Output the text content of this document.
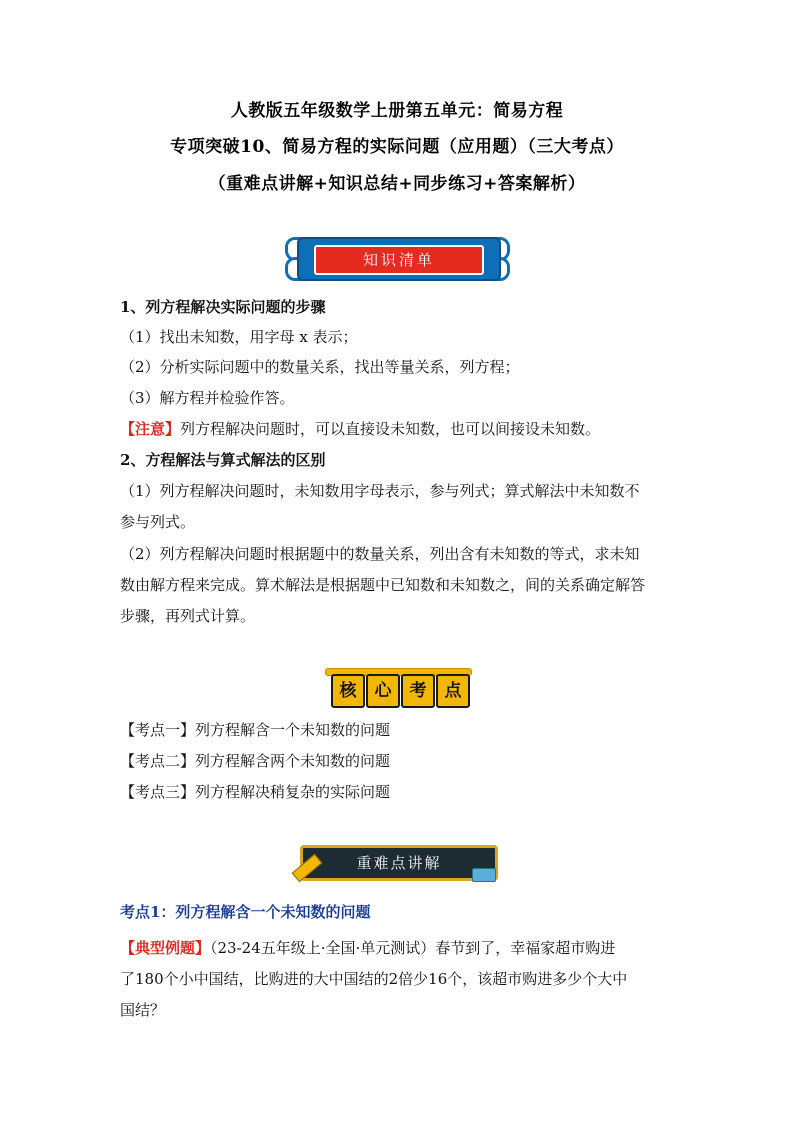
人教版五年级数学上册第五单元：简易方程
专项突破10、简易方程的实际问题（应用题）（三大考点）
（重难点讲解+知识总结+同步练习+答案解析）
知识清单
1、列方程解决实际问题的步骤
（1）找出未知数，用字母 x 表示；
（2）分析实际问题中的数量关系，找出等量关系，列方程；
（3）解方程并检验作答。
【注意】列方程解决问题时，可以直接设未知数，也可以间接设未知数。
2、方程解法与算式解法的区别
（1）列方程解决问题时，未知数用字母表示，参与列式；算式解法中未知数不
参与列式。
（2）列方程解决问题时根据题中的数量关系，列出含有未知数的等式，求未知
数由解方程来完成。算术解法是根据题中已知数和未知数之，间的关系确定解答
步骤，再列式计算。
核	心	考	点
【考点一】列方程解含一个未知数的问题
【考点二】列方程解含两个未知数的问题
【考点三】列方程解决稍复杂的实际问题
重难点讲解
考点1：列方程解含一个未知数的问题
【典型例题】（23-24五年级上·全国·单元测试）春节到了，幸福家超市购进
了180个小中国结，比购进的大中国结的2倍少16个，该超市购进多少个大中
国结？
